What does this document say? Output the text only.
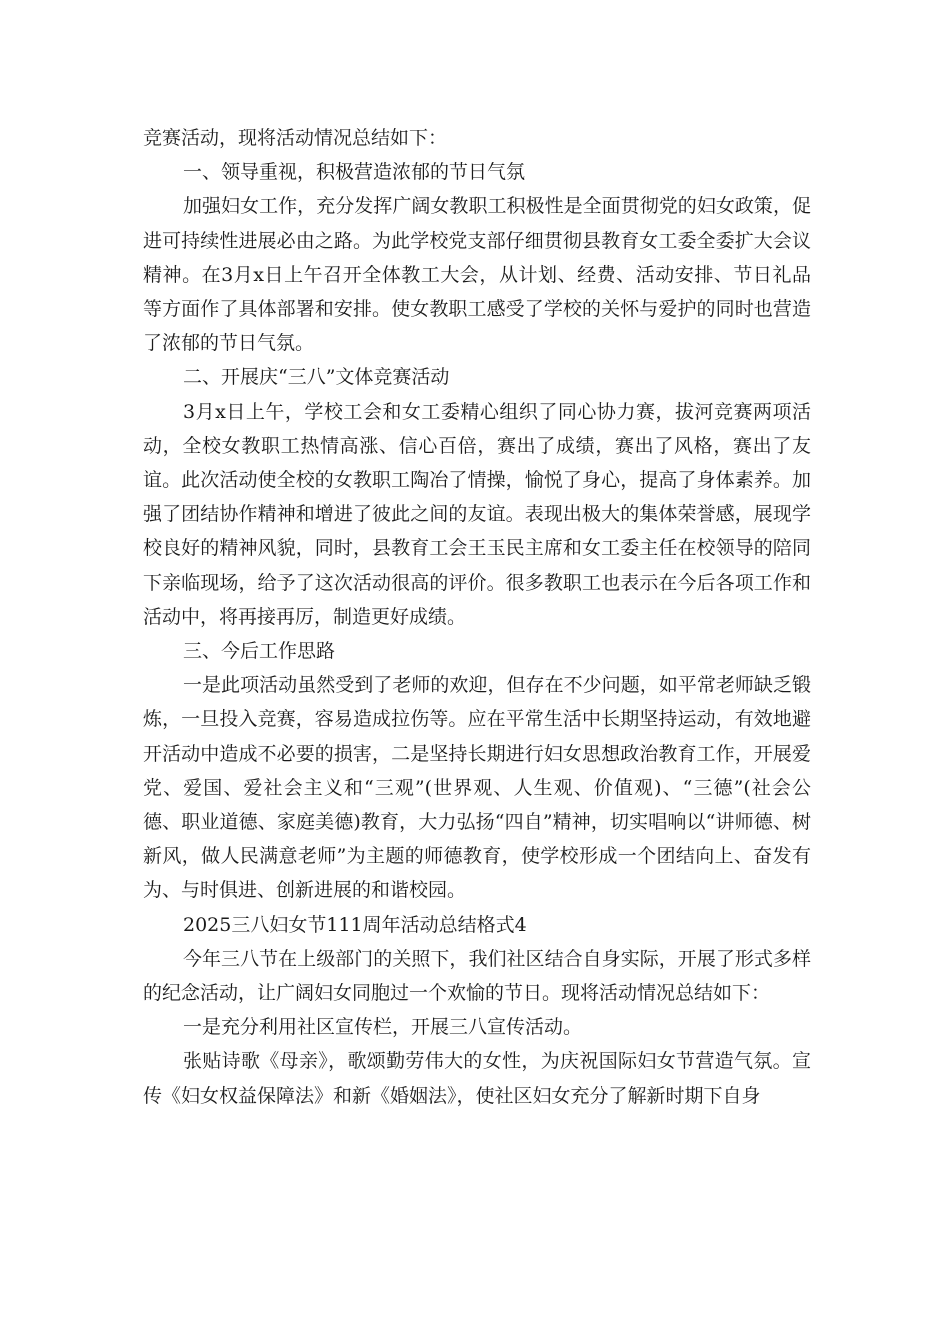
竞赛活动，现将活动情况总结如下：

一、领导重视，积极营造浓郁的节日气氛

加强妇女工作，充分发挥广阔女教职工积极性是全面贯彻党的妇女政策，促进可持续性进展必由之路。为此学校党支部仔细贯彻县教育女工委全委扩大会议精神。在3月x日上午召开全体教工大会，从计划、经费、活动安排、节日礼品等方面作了具体部署和安排。使女教职工感受了学校的关怀与爱护的同时也营造了浓郁的节日气氛。

二、开展庆“三八”文体竞赛活动

3月x日上午，学校工会和女工委精心组织了同心协力赛，拔河竞赛两项活动，全校女教职工热情高涨、信心百倍，赛出了成绩，赛出了风格，赛出了友谊。此次活动使全校的女教职工陶冶了情操，愉悦了身心，提高了身体素养。加强了团结协作精神和增进了彼此之间的友谊。表现出极大的集体荣誉感，展现学校良好的精神风貌，同时，县教育工会王玉民主席和女工委主任在校领导的陪同下亲临现场，给予了这次活动很高的评价。很多教职工也表示在今后各项工作和活动中，将再接再厉，制造更好成绩。

三、今后工作思路

一是此项活动虽然受到了老师的欢迎，但存在不少问题，如平常老师缺乏锻炼，一旦投入竞赛，容易造成拉伤等。应在平常生活中长期坚持运动，有效地避开活动中造成不必要的损害，二是坚持长期进行妇女思想政治教育工作，开展爱党、爱国、爱社会主义和“三观”(世界观、人生观、价值观)、“三德”(社会公德、职业道德、家庭美德)教育，大力弘扬“四自”精神，切实唱响以“讲师德、树新风，做人民满意老师”为主题的师德教育，使学校形成一个团结向上、奋发有为、与时俱进、创新进展的和谐校园。

2025三八妇女节111周年活动总结格式4

今年三八节在上级部门的关照下，我们社区结合自身实际，开展了形式多样的纪念活动，让广阔妇女同胞过一个欢愉的节日。现将活动情况总结如下：

一是充分利用社区宣传栏，开展三八宣传活动。

张贴诗歌《母亲》，歌颂勤劳伟大的女性，为庆祝国际妇女节营造气氛。宣传《妇女权益保障法》和新《婚姻法》，使社区妇女充分了解新时期下自身
